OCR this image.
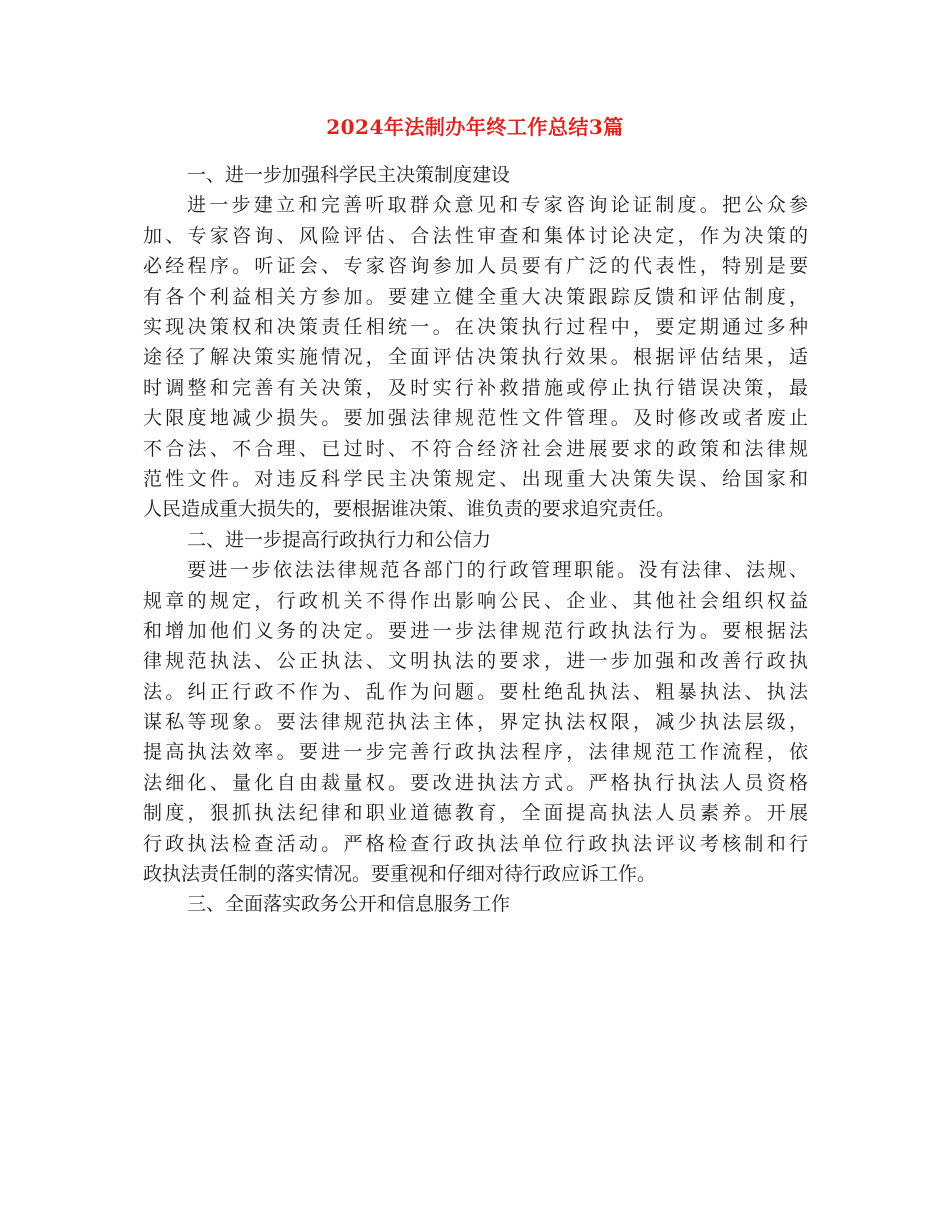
2024年法制办年终工作总结3篇
一、进一步加强科学民主决策制度建设
进一步建立和完善听取群众意见和专家咨询论证制度。把公众参
加、专家咨询、风险评估、合法性审查和集体讨论决定，作为决策的
必经程序。听证会、专家咨询参加人员要有广泛的代表性，特别是要
有各个利益相关方参加。要建立健全重大决策跟踪反馈和评估制度，
实现决策权和决策责任相统一。在决策执行过程中，要定期通过多种
途径了解决策实施情况，全面评估决策执行效果。根据评估结果，适
时调整和完善有关决策，及时实行补救措施或停止执行错误决策，最
大限度地减少损失。要加强法律规范性文件管理。及时修改或者废止
不合法、不合理、已过时、不符合经济社会进展要求的政策和法律规
范性文件。对违反科学民主决策规定、出现重大决策失误、给国家和
人民造成重大损失的，要根据谁决策、谁负责的要求追究责任。
二、进一步提高行政执行力和公信力
要进一步依法法律规范各部门的行政管理职能。没有法律、法规、
规章的规定，行政机关不得作出影响公民、企业、其他社会组织权益
和增加他们义务的决定。要进一步法律规范行政执法行为。要根据法
律规范执法、公正执法、文明执法的要求，进一步加强和改善行政执
法。纠正行政不作为、乱作为问题。要杜绝乱执法、粗暴执法、执法
谋私等现象。要法律规范执法主体，界定执法权限，减少执法层级，
提高执法效率。要进一步完善行政执法程序，法律规范工作流程，依
法细化、量化自由裁量权。要改进执法方式。严格执行执法人员资格
制度，狠抓执法纪律和职业道德教育，全面提高执法人员素养。开展
行政执法检查活动。严格检查行政执法单位行政执法评议考核制和行
政执法责任制的落实情况。要重视和仔细对待行政应诉工作。
三、全面落实政务公开和信息服务工作
